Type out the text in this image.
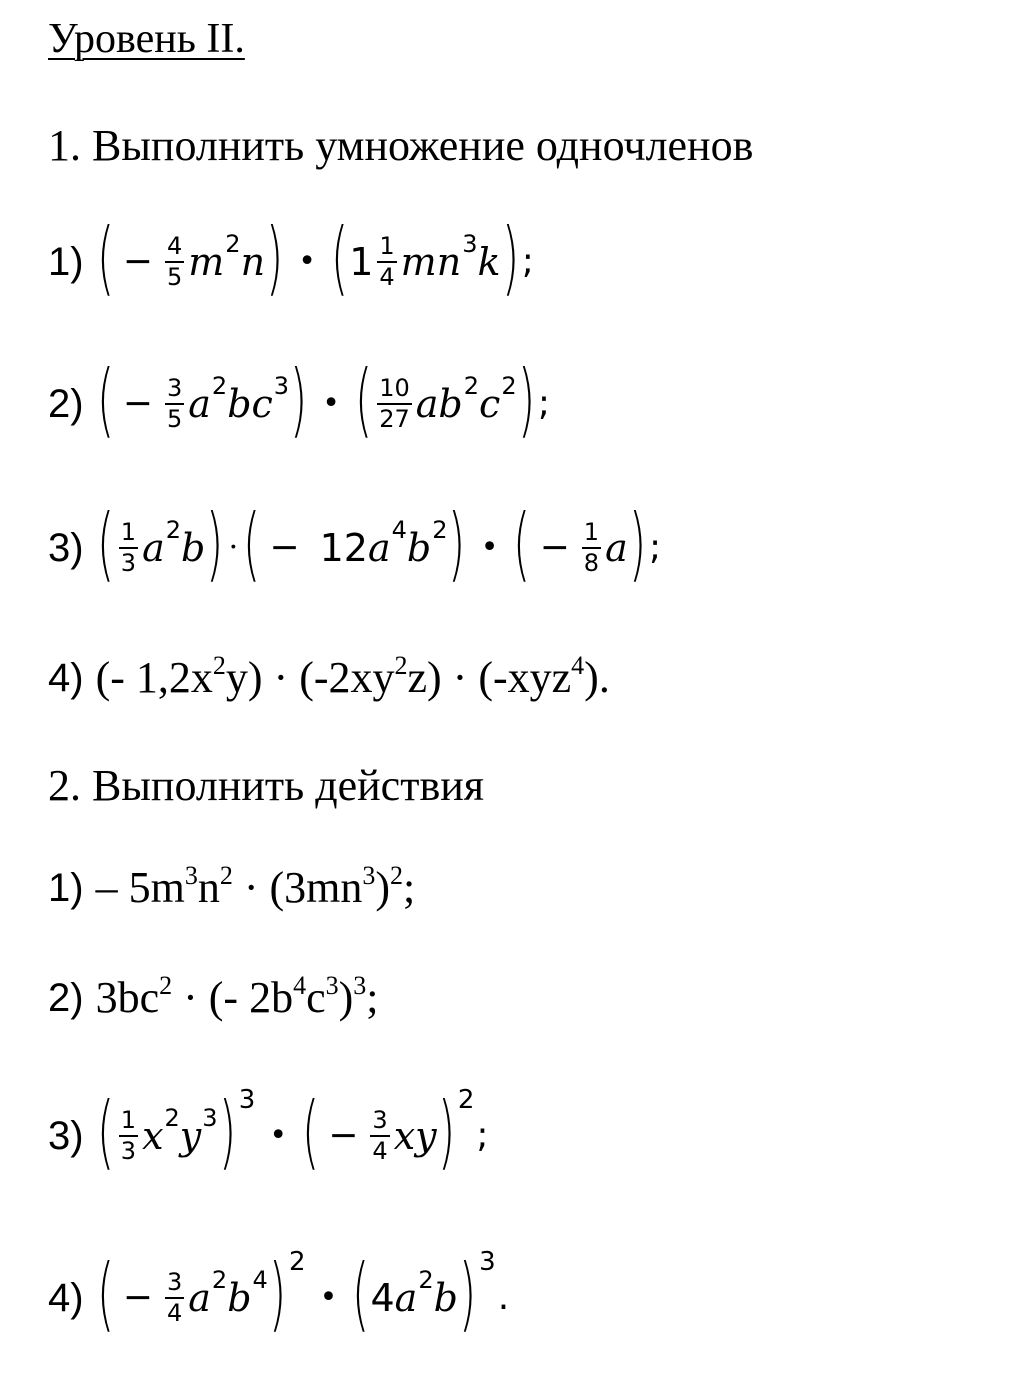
Уровень II.
1. Выполнить умножение одночленов
1) ( − $\frac{4}{5}$ m 2 n ) • ( $1 \frac{1}{4}$ mn 3 k ) ;
2) ( − $\frac{3}{5}$ a 2 bc 3 ) • ( $\frac{10}{27}$ ab 2 c 2 ) ;
3) ( $\frac{1}{3}$ a 2 b ) · ( − 12 a 4 b 2 ) • ( − $\frac{1}{8}$ a ) ;
4) (- $1,2x^2y) \cdot (-2xy^2z) \cdot (-xyz^4)$.
2. Выполнить действия
$1) - 5m^3n^2 \cdot (3mn^3)^2$;
2) $3bc^2$ · (- $2b^4c^3)^3$;
3) ( $\frac{1}{3}$ x 2 y 3 ) 3
• ( − $\frac{3}{4}$ xy ) 2
;
4) ( − $\frac{3}{4}$ a 2 b 4 ) 2
• ( 4 a 2 b ) 3
.
